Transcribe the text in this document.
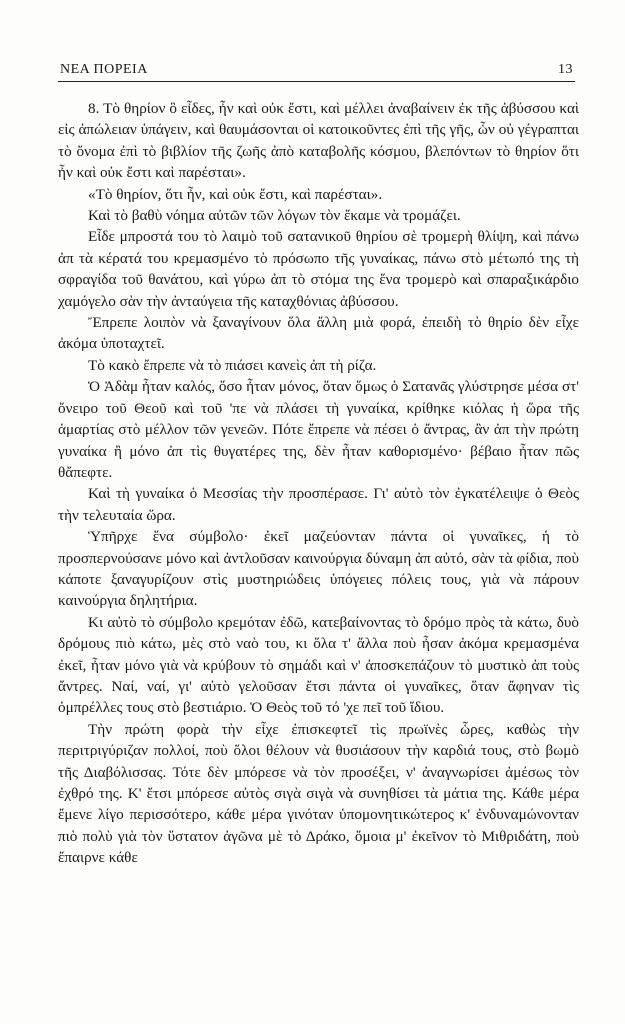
ΝΕΑ ΠΟΡΕΙΑ	13

8. Τὸ θηρίον ὃ εἶδες, ἦν καὶ οὐκ ἔστι, καὶ μέλλει ἀναβαίνειν ἐκ τῆς ἀβύσσου καὶ εἰς ἀπώλειαν ὑπάγειν, καὶ θαυμάσονται οἱ κατοικοῦντες ἐπὶ τῆς γῆς, ὧν οὐ γέγραπται τὸ ὄνομα ἐπὶ τὸ βιβλίον τῆς ζωῆς ἀπὸ καταβολῆς κόσμου, βλεπόντων τὸ θηρίον ὅτι ἦν καὶ οὐκ ἔστι καὶ παρέσται».

«Τὸ θηρίον, ὅτι ἦν, καὶ οὐκ ἔστι, καὶ παρέσται».

Καὶ τὸ βαθὺ νόημα αὐτῶν τῶν λόγων τὸν ἔκαμε νὰ τρομάζει.

Εἶδε μπροστά του τὸ λαιμὸ τοῦ σατανικοῦ θηρίου σὲ τρομερὴ θλίψη, καὶ πάνω ἀπ τὰ κέρατά του κρεμασμένο τὸ πρόσωπο τῆς γυναίκας, πάνω στὸ μέτωπό της τὴ σφραγίδα τοῦ θανάτου, καὶ γύρω ἀπ τὸ στόμα της ἕνα τρομερὸ καὶ σπαραξικάρδιο χαμόγελο σὰν τὴν ἀνταύγεια τῆς καταχθόνιας ἀβύσσου.

Ἔπρεπε λοιπὸν νὰ ξαναγίνουν ὅλα ἄλλη μιὰ φορά, ἐπειδὴ τὸ θηρίο δὲν εἶχε ἀκόμα ὑποταχτεῖ.

Τὸ κακὸ ἔπρεπε νὰ τὸ πιάσει κανεὶς ἀπ τὴ ρίζα.

Ὁ Ἀδὰμ ἦταν καλός, ὅσο ἦταν μόνος, ὅταν ὅμως ὁ Σατανᾶς γλύστρησε μέσα στ' ὄνειρο τοῦ Θεοῦ καὶ τοῦ 'πε νὰ πλάσει τὴ γυναίκα, κρίθηκε κιόλας ἡ ὥρα τῆς ἁμαρτίας στὸ μέλλον τῶν γενεῶν. Πότε ἔπρεπε νὰ πέσει ὁ ἄντρας, ἂν ἀπ τὴν πρώτη γυναίκα ἢ μόνο ἀπ τὶς θυγατέρες της, δὲν ἦταν καθορισμένο· βέβαιο ἦταν πῶς θἄπεφτε.

Καὶ τὴ γυναίκα ὁ Μεσσίας τὴν προσπέρασε. Γι' αὐτὸ τὸν ἐγκατέλειψε ὁ Θεὸς τὴν τελευταία ὥρα.

Ὑπῆρχε ἕνα σύμβολο· ἐκεῖ μαζεύονταν πάντα οἱ γυναῖκες, ἡ τὸ προσπερνούσανε μόνο καὶ ἀντλοῦσαν καινούργια δύναμη ἀπ αὐτό, σὰν τὰ φίδια, ποὺ κάποτε ξαναγυρίζουν στὶς μυστηριώδεις ὑπόγειες πόλεις τους, γιὰ νὰ πάρουν καινούργια δηλητήρια.

Κι αὐτὸ τὸ σύμβολο κρεμόταν ἐδῶ, κατεβαίνοντας τὸ δρόμο πρὸς τὰ κάτω, δυὸ δρόμους πιὸ κάτω, μὲς στὸ ναὸ του, κι ὅλα τ' ἄλλα ποὺ ἦσαν ἀκόμα κρεμασμένα ἐκεῖ, ἦταν μόνο γιὰ νὰ κρύβουν τὸ σημάδι καὶ ν' ἀποσκεπάζουν τὸ μυστικὸ ἀπ τοὺς ἄντρες. Ναί, ναί, γι' αὐτὸ γελοῦσαν ἔτσι πάντα οἱ γυναῖκες, ὅταν ἄφηναν τὶς ὀμπρέλλες τους στὸ βεστιάριο. Ὁ Θεὸς τοῦ τό 'χε πεῖ τοῦ ἴδιου.

Τὴν πρώτη φορὰ τὴν εἶχε ἐπισκεφτεῖ τὶς πρωϊνὲς ὧρες, καθὼς τὴν περιτριγύριζαν πολλοί, ποὺ ὅλοι θέλουν νὰ θυσιάσουν τὴν καρδιά τους, στὸ βωμὸ τῆς Διαβόλισσας. Τότε δὲν μπόρεσε νὰ τὸν προσέξει, ν' ἀναγνωρίσει ἀμέσως τὸν ἐχθρό της. Κ' ἔτσι μπόρεσε αὐτὸς σιγὰ σιγὰ νὰ συνηθίσει τὰ μάτια της. Κάθε μέρα ἔμενε λίγο περισσότερο, κάθε μέρα γινόταν ὑπομονητικώτερος κ' ἐνδυναμώνονταν πιὸ πολὺ γιὰ τὸν ὕστατον ἀγῶνα μὲ τὸ Δράκο, ὅμοια μ' ἐκεῖνον τὸ Μιθριδάτη, ποὺ ἔπαιρνε κάθε
